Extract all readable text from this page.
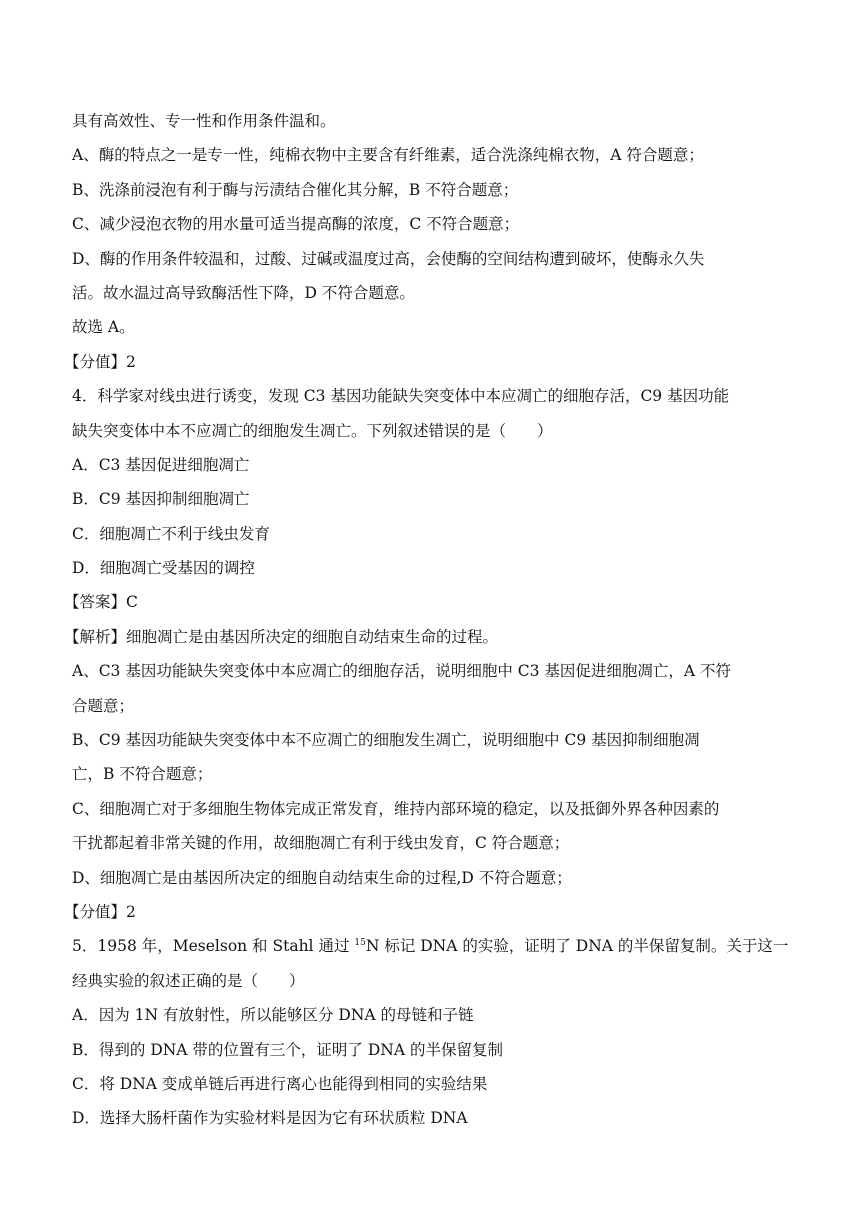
具有高效性、专一性和作用条件温和。
A、酶的特点之一是专一性，纯棉衣物中主要含有纤维素，适合洗涤纯棉衣物，A 符合题意；
B、洗涤前浸泡有利于酶与污渍结合催化其分解，B 不符合题意；
C、减少浸泡衣物的用水量可适当提高酶的浓度，C 不符合题意；
D、酶的作用条件较温和，过酸、过碱或温度过高，会使酶的空间结构遭到破坏，使酶永久失
活。故水温过高导致酶活性下降，D 不符合题意。
故选 A。
【分值】2
4．科学家对线虫进行诱变，发现 C3 基因功能缺失突变体中本应凋亡的细胞存活，C9 基因功能
缺失突变体中本不应凋亡的细胞发生凋亡。下列叙述错误的是（　　）
A．C3 基因促进细胞凋亡
B．C9 基因抑制细胞凋亡
C．细胞凋亡不利于线虫发育
D．细胞凋亡受基因的调控
【答案】C
【解析】细胞凋亡是由基因所决定的细胞自动结束生命的过程。
A、C3 基因功能缺失突变体中本应凋亡的细胞存活，说明细胞中 C3 基因促进细胞凋亡，A 不符
合题意；
B、C9 基因功能缺失突变体中本不应凋亡的细胞发生凋亡，说明细胞中 C9 基因抑制细胞凋
亡，B 不符合题意；
C、细胞凋亡对于多细胞生物体完成正常发育，维持内部环境的稳定，以及抵御外界各种因素的
干扰都起着非常关键的作用，故细胞凋亡有利于线虫发育，C 符合题意；
D、细胞凋亡是由基因所决定的细胞自动结束生命的过程,D 不符合题意；
【分值】2
5．1958 年，Meselson 和 Stahl 通过 $^{15}$N 标记 DNA 的实验，证明了 DNA 的半保留复制。关于这一
经典实验的叙述正确的是（　　）
A．因为 1N 有放射性，所以能够区分 DNA 的母链和子链
B．得到的 DNA 带的位置有三个，证明了 DNA 的半保留复制
C．将 DNA 变成单链后再进行离心也能得到相同的实验结果
D．选择大肠杆菌作为实验材料是因为它有环状质粒 DNA
